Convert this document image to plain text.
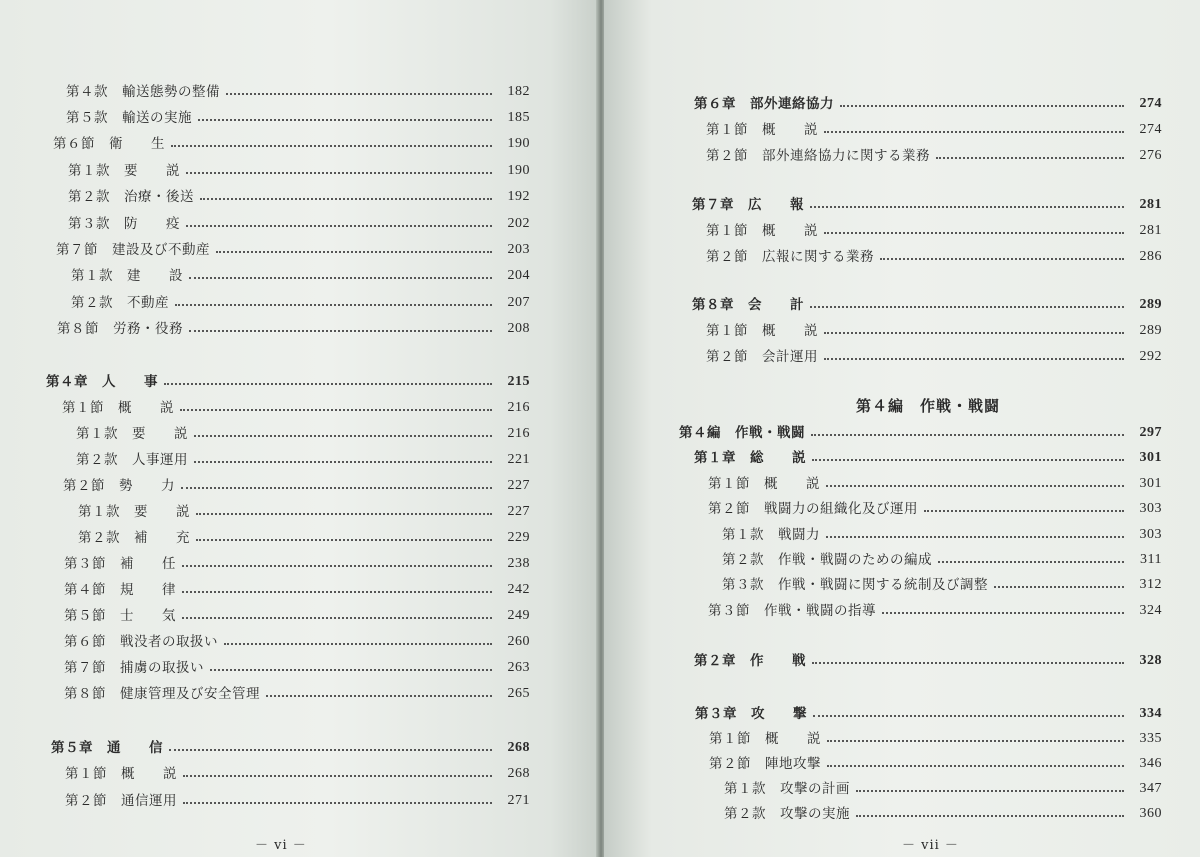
第４款 輸送態勢の整備	182
第５款 輸送の実施	185
第６節 衛　　生	190
第１款 要　　説	190
第２款 治療・後送	192
第３款 防　　疫	202
第７節 建設及び不動産	203
第１款 建　　設	204
第２款 不動産	207
第８節 労務・役務	208
第４章 人　　事	215
第１節 概　　説	216
第１款 要　　説	216
第２款 人事運用	221
第２節 勢　　力	227
第１款 要　　説	227
第２款 補　　充	229
第３節 補　　任	238
第４節 規　　律	242
第５節 士　　気	249
第６節 戦没者の取扱い	260
第７節 捕虜の取扱い	263
第８節 健康管理及び安全管理	265
第５章 通　　信	268
第１節 概　　説	268
第２節 通信運用	271
－ vi －
第６章 部外連絡協力	274
第１節 概　　説	274
第２節 部外連絡協力に関する業務	276
第７章 広　　報	281
第１節 概　　説	281
第２節 広報に関する業務	286
第８章 会　　計	289
第１節 概　　説	289
第２節 会計運用	292
第４編　作戦・戦闘
第４編 作戦・戦闘	297
第１章 総　　説	301
第１節 概　　説	301
第２節 戦闘力の組織化及び運用	303
第１款 戦闘力	303
第２款 作戦・戦闘のための編成	311
第３款 作戦・戦闘に関する統制及び調整	312
第３節 作戦・戦闘の指導	324
第２章 作　　戦	328
第３章 攻　　撃	334
第１節 概　　説	335
第２節 陣地攻撃	346
第１款 攻撃の計画	347
第２款 攻撃の実施	360
－ vii －
